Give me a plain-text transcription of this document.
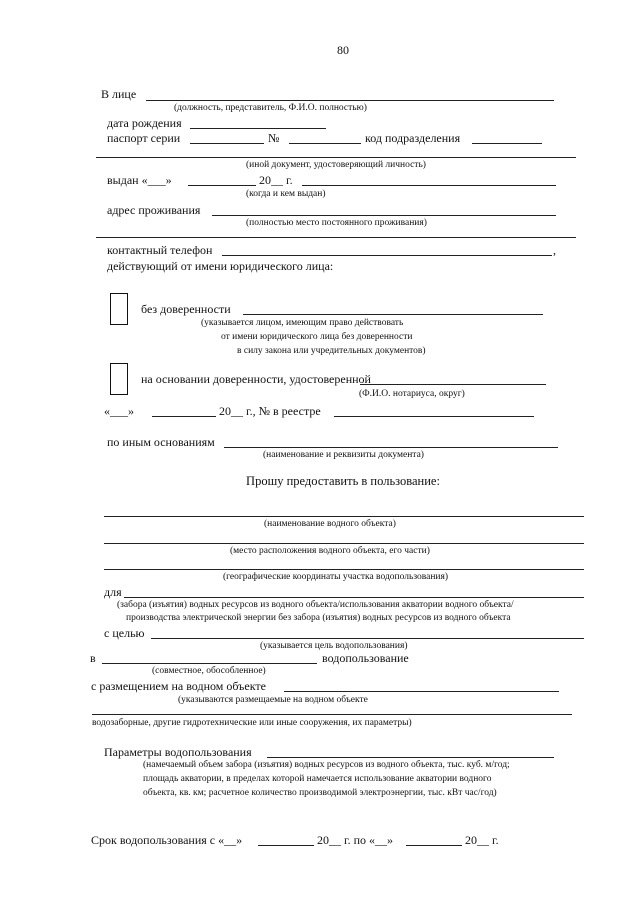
80
В лице
(должность, представитель, Ф.И.О. полностью)
дата рождения
паспорт серии	№	код подразделения
(иной документ, удостоверяющий личность)
выдан «___»	20__ г.
(когда и кем выдан)
адрес проживания
(полностью место постоянного проживания)
контактный телефон	,
действующий от имени юридического лица:
без доверенности
(указывается лицом, имеющим право действовать
от имени юридического лица без доверенности
в силу закона или учредительных документов)
на основании доверенности, удостоверенной
(Ф.И.О. нотариуса, округ)
«___»	20__ г., № в реестре
по иным основаниям
(наименование и реквизиты документа)
Прошу предоставить в пользование:
(наименование водного объекта)
(место расположения водного объекта, его части)
(географические координаты участка водопользования)
для
(забора (изъятия) водных ресурсов из водного объекта/использования акватории водного объекта/
производства электрической энергии без забора (изъятия) водных ресурсов из водного объекта
с целью
(указывается цель водопользования)
в	водопользование
(совместное, обособленное)
с размещением на водном объекте
(указываются размещаемые на водном объекте
водозаборные, другие гидротехнические или иные сооружения, их параметры)
Параметры водопользования
(намечаемый объем забора (изъятия) водных ресурсов из водного объекта, тыс. куб. м/год;
площадь акватории, в пределах которой намечается использование акватории водного
объекта, кв. км; расчетное количество производимой электроэнергии, тыс. кВт час/год)
Срок водопользования с «__»	20__ г. по «__»	20__ г.
